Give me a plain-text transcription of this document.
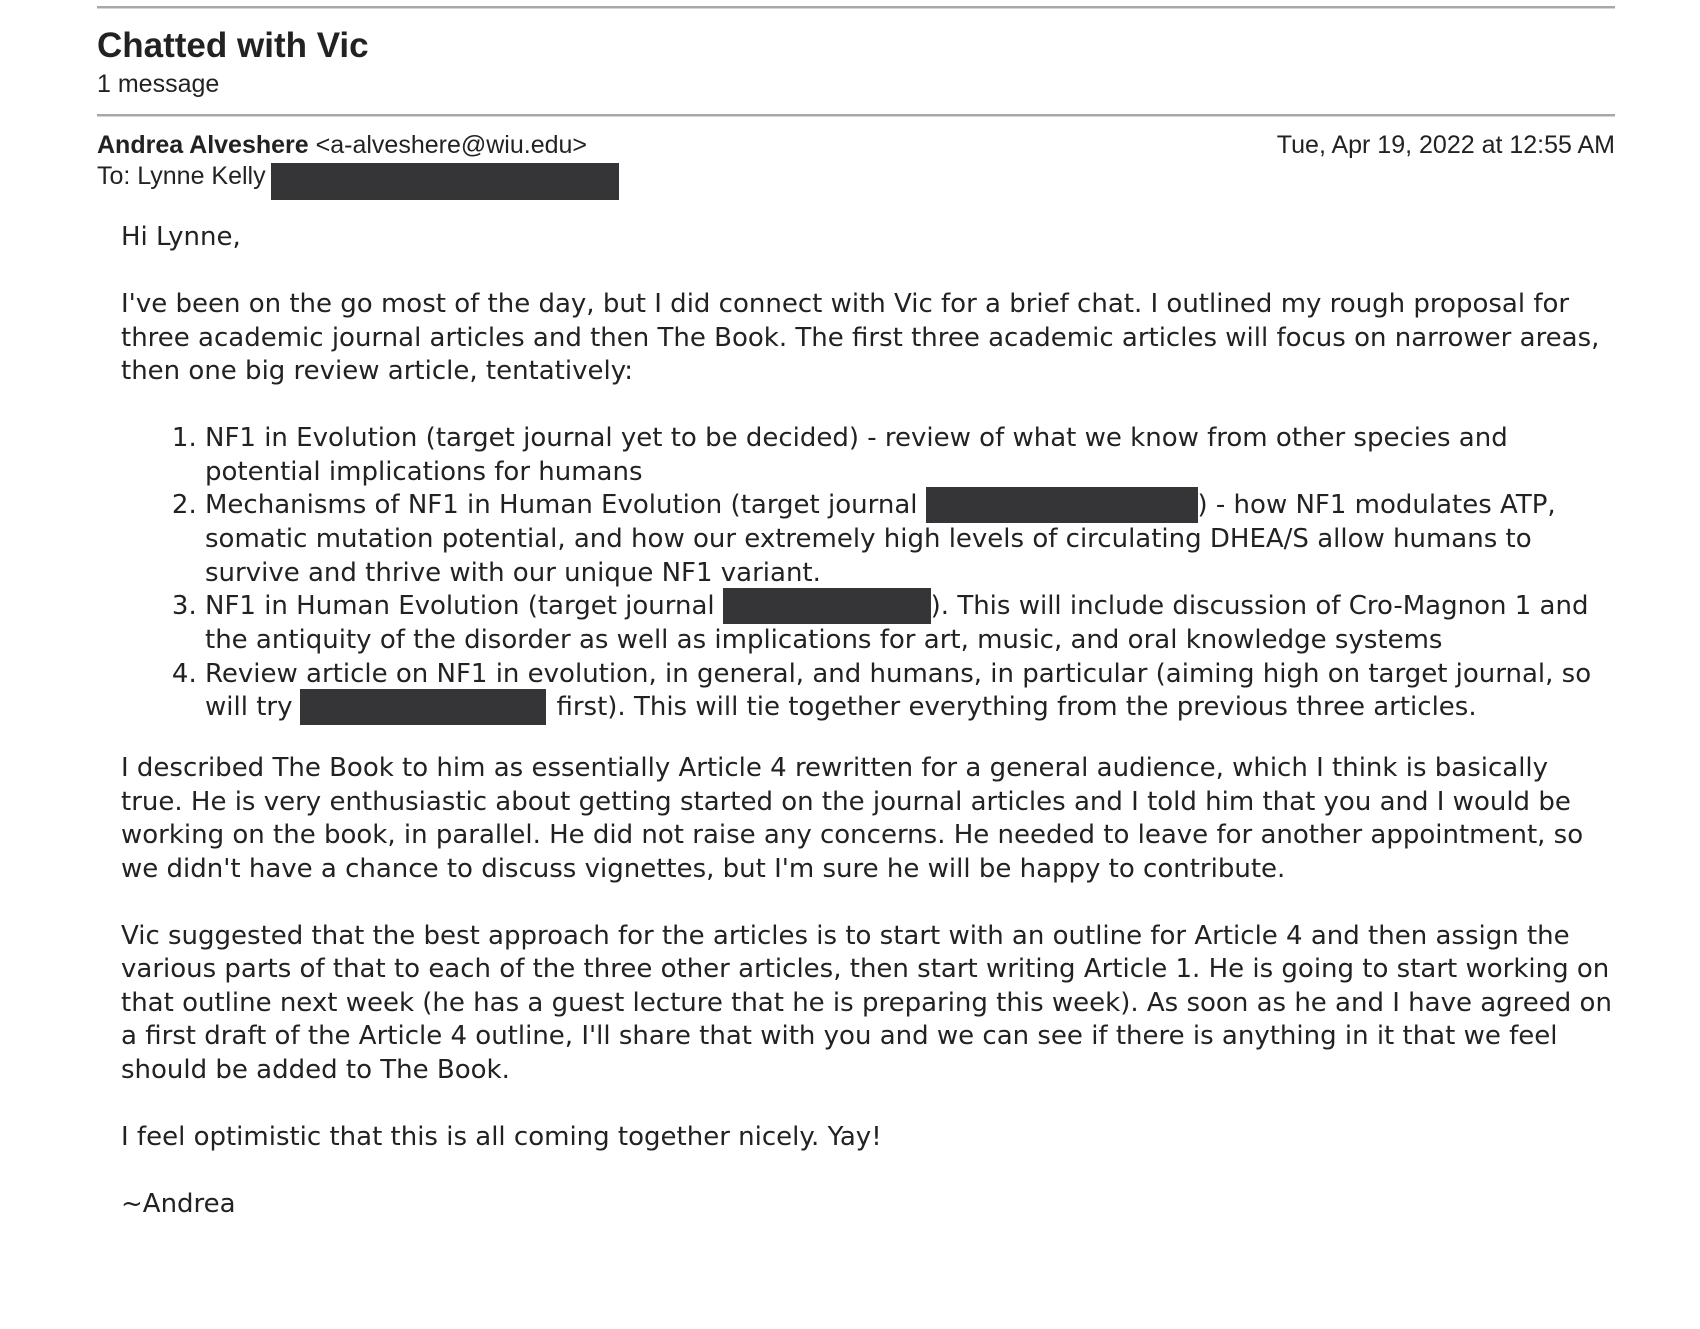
Chatted with Vic
1 message
Andrea Alveshere <a-alveshere@wiu.edu>
To: Lynne Kelly
Tue, Apr 19, 2022 at 12:55 AM

Hi Lynne,

I've been on the go most of the day, but I did connect with Vic for a brief chat. I outlined my rough proposal for three academic journal articles and then The Book. The first three academic articles will focus on narrower areas, then one big review article, tentatively:

1. NF1 in Evolution (target journal yet to be decided) - review of what we know from other species and potential implications for humans
2. Mechanisms of NF1 in Human Evolution (target journal	) - how NF1 modulates ATP, somatic mutation potential, and how our extremely high levels of circulating DHEA/S allow humans to survive and thrive with our unique NF1 variant.
3. NF1 in Human Evolution (target journal	). This will include discussion of Cro-Magnon 1 and the antiquity of the disorder as well as implications for art, music, and oral knowledge systems
4. Review article on NF1 in evolution, in general, and humans, in particular (aiming high on target journal, so will try	first). This will tie together everything from the previous three articles.

I described The Book to him as essentially Article 4 rewritten for a general audience, which I think is basically true. He is very enthusiastic about getting started on the journal articles and I told him that you and I would be working on the book, in parallel. He did not raise any concerns. He needed to leave for another appointment, so we didn't have a chance to discuss vignettes, but I'm sure he will be happy to contribute.

Vic suggested that the best approach for the articles is to start with an outline for Article 4 and then assign the various parts of that to each of the three other articles, then start writing Article 1. He is going to start working on that outline next week (he has a guest lecture that he is preparing this week). As soon as he and I have agreed on a first draft of the Article 4 outline, I'll share that with you and we can see if there is anything in it that we feel should be added to The Book.

I feel optimistic that this is all coming together nicely. Yay!

~Andrea
